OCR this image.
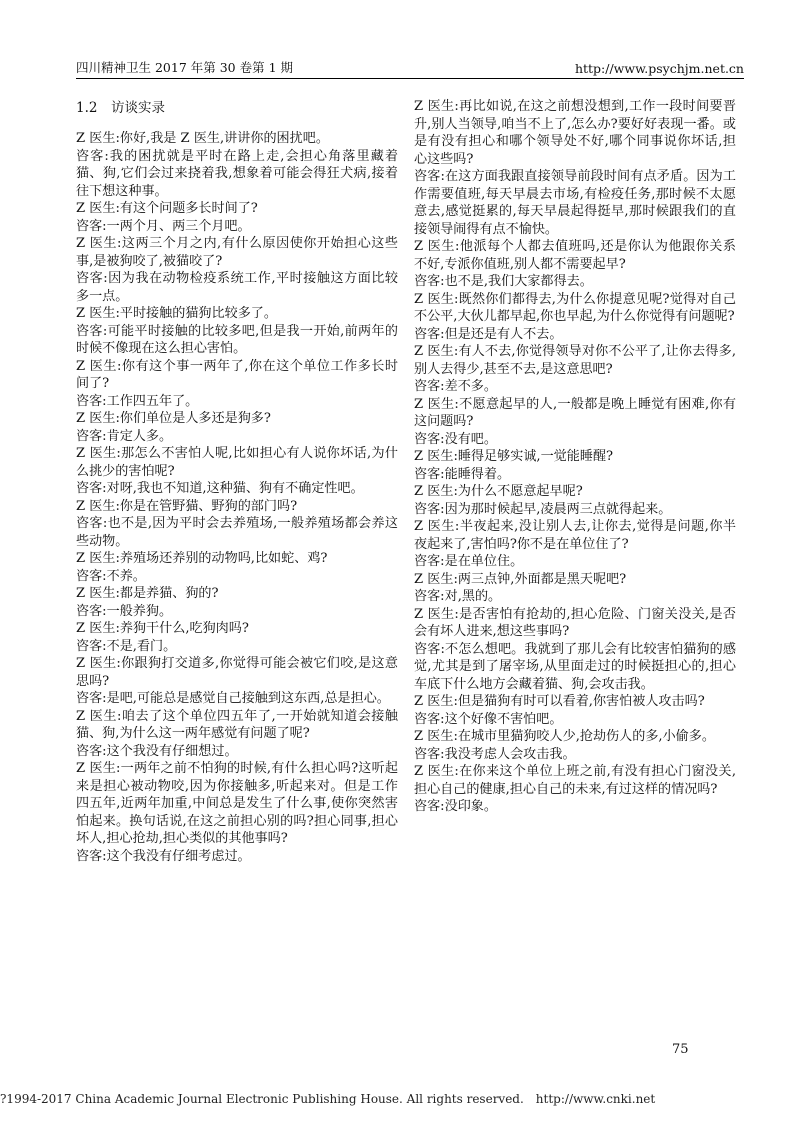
四川精神卫生 2017 年第 30 卷第 1 期	http://www.psychjm.net.cn
1.2　访谈实录

Z 医生:你好,我是 Z 医生,讲讲你的困扰吧。

咨客:我的困扰就是平时在路上走,会担心角落里藏着猫、狗,它们会过来挠着我,想象着可能会得狂犬病,接着往下想这种事。

Z 医生:有这个问题多长时间了?

咨客:一两个月、两三个月吧。

Z 医生:这两三个月之内,有什么原因使你开始担心这些事,是被狗咬了,被猫咬了?

咨客:因为我在动物检疫系统工作,平时接触这方面比较多一点。

Z 医生:平时接触的猫狗比较多了。

咨客:可能平时接触的比较多吧,但是我一开始,前两年的时候不像现在这么担心害怕。

Z 医生:你有这个事一两年了,你在这个单位工作多长时间了?

咨客:工作四五年了。

Z 医生:你们单位是人多还是狗多?

咨客:肯定人多。

Z 医生:那怎么不害怕人呢,比如担心有人说你坏话,为什么挑少的害怕呢?

咨客:对呀,我也不知道,这种猫、狗有不确定性吧。

Z 医生:你是在管野猫、野狗的部门吗?

咨客:也不是,因为平时会去养殖场,一般养殖场都会养这些动物。

Z 医生:养殖场还养别的动物吗,比如蛇、鸡?

咨客:不养。

Z 医生:都是养猫、狗的?

咨客:一般养狗。

Z 医生:养狗干什么,吃狗肉吗?

咨客:不是,看门。

Z 医生:你跟狗打交道多,你觉得可能会被它们咬,是这意思吗?

咨客:是吧,可能总是感觉自己接触到这东西,总是担心。

Z 医生:咱去了这个单位四五年了,一开始就知道会接触猫、狗,为什么这一两年感觉有问题了呢?

咨客:这个我没有仔细想过。

Z 医生:一两年之前不怕狗的时候,有什么担心吗?这听起来是担心被动物咬,因为你接触多,听起来对。但是工作四五年,近两年加重,中间总是发生了什么事,使你突然害怕起来。换句话说,在这之前担心别的吗?担心同事,担心坏人,担心抢劫,担心类似的其他事吗?

咨客:这个我没有仔细考虑过。

Z 医生:再比如说,在这之前想没想到,工作一段时间要晋升,别人当领导,咱当不上了,怎么办?要好好表现一番。或是有没有担心和哪个领导处不好,哪个同事说你坏话,担心这些吗?

咨客:在这方面我跟直接领导前段时间有点矛盾。因为工作需要值班,每天早晨去市场,有检疫任务,那时候不太愿意去,感觉挺累的,每天早晨起得挺早,那时候跟我们的直接领导闹得有点不愉快。

Z 医生:他派每个人都去值班吗,还是你认为他跟你关系不好,专派你值班,别人都不需要起早?

咨客:也不是,我们大家都得去。

Z 医生:既然你们都得去,为什么你提意见呢?觉得对自己不公平,大伙儿都早起,你也早起,为什么你觉得有问题呢?

咨客:但是还是有人不去。

Z 医生:有人不去,你觉得领导对你不公平了,让你去得多,别人去得少,甚至不去,是这意思吧?

咨客:差不多。

Z 医生:不愿意起早的人,一般都是晚上睡觉有困难,你有这问题吗?

咨客:没有吧。

Z 医生:睡得足够实诚,一觉能睡醒?

咨客:能睡得着。

Z 医生:为什么不愿意起早呢?

咨客:因为那时候起早,凌晨两三点就得起来。

Z 医生:半夜起来,没让别人去,让你去,觉得是问题,你半夜起来了,害怕吗?你不是在单位住了?

咨客:是在单位住。

Z 医生:两三点钟,外面都是黑天呢吧?

咨客:对,黑的。

Z 医生:是否害怕有抢劫的,担心危险、门窗关没关,是否会有坏人进来,想这些事吗?

咨客:不怎么想吧。我就到了那儿会有比较害怕猫狗的感觉,尤其是到了屠宰场,从里面走过的时候挺担心的,担心车底下什么地方会藏着猫、狗,会攻击我。

Z 医生:但是猫狗有时可以看着,你害怕被人攻击吗?

咨客:这个好像不害怕吧。

Z 医生:在城市里猫狗咬人少,抢劫伤人的多,小偷多。

咨客:我没考虑人会攻击我。

Z 医生:在你来这个单位上班之前,有没有担心门窗没关,担心自己的健康,担心自己的未来,有过这样的情况吗?

咨客:没印象。

75
?1994-2017 China Academic Journal Electronic Publishing House. All rights reserved.　http://www.cnki.net
